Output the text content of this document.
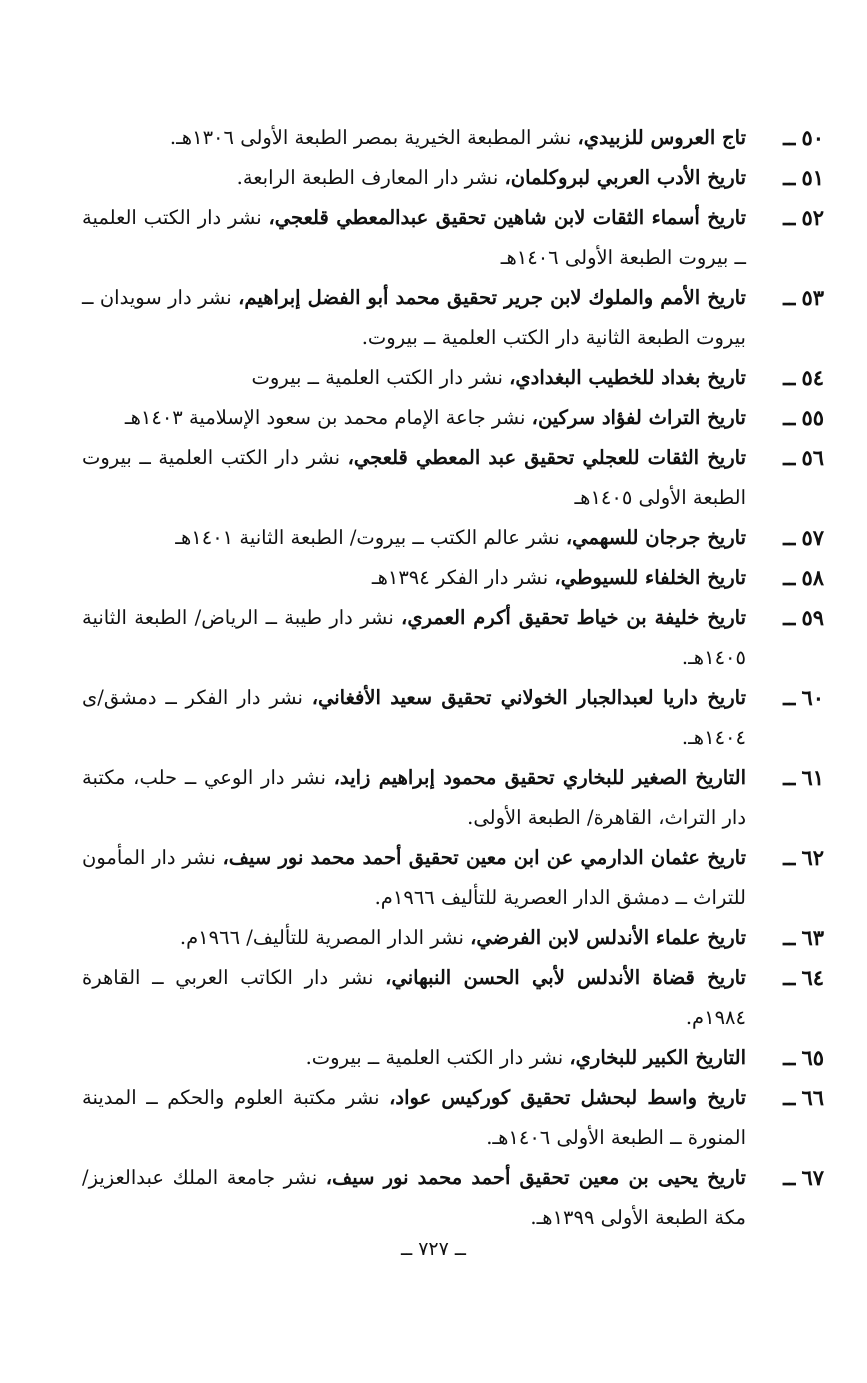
٥٠ــ
تاج العروس للزبيدي، نشر المطبعة الخيرية بمصر الطبعة الأولى ١٣٠٦هـ.
٥١ــ
تاريخ الأدب العربي لبروكلمان، نشر دار المعارف الطبعة الرابعة.
٥٢ــ
تاريخ أسماء الثقات لابن شاهين تحقيق عبدالمعطي قلعجي، نشر دار الكتب العلمية ــ بيروت الطبعة الأولى ١٤٠٦هـ
٥٣ــ
تاريخ الأمم والملوك لابن جرير تحقيق محمد أبو الفضل إبراهيم، نشر دار سويدان ــ بيروت الطبعة الثانية دار الكتب العلمية ــ بيروت.
٥٤ــ
تاريخ بغداد للخطيب البغدادي، نشر دار الكتب العلمية ــ بيروت
٥٥ــ
تاريخ التراث لفؤاد سركين، نشر جاعة الإمام محمد بن سعود الإسلامية ١٤٠٣هـ
٥٦ــ
تاريخ الثقات للعجلي تحقيق عبد المعطي قلعجي، نشر دار الكتب العلمية ــ بيروت الطبعة الأولى ١٤٠٥هـ
٥٧ــ
تاريخ جرجان للسهمي، نشر عالم الكتب ــ بيروت/ الطبعة الثانية ١٤٠١هـ
٥٨ــ
تاريخ الخلفاء للسيوطي، نشر دار الفكر ١٣٩٤هـ
٥٩ــ
تاريخ خليفة بن خياط تحقيق أكرم العمري، نشر دار طيبة ــ الرياض/ الطبعة الثانية ١٤٠٥هـ.
٦٠ــ
تاريخ داريا لعبدالجبار الخولاني تحقيق سعيد الأفغاني، نشر دار الفكر ــ دمشق/ى ١٤٠٤هـ.
٦١ــ
التاريخ الصغير للبخاري تحقيق محمود إبراهيم زايد، نشر دار الوعي ــ حلب، مكتبة دار التراث، القاهرة/ الطبعة الأولى.
٦٢ــ
تاريخ عثمان الدارمي عن ابن معين تحقيق أحمد محمد نور سيف، نشر دار المأمون للتراث ــ دمشق الدار العصرية للتأليف ١٩٦٦م.
٦٣ــ
تاريخ علماء الأندلس لابن الفرضي، نشر الدار المصرية للتأليف/ ١٩٦٦م.
٦٤ــ
تاريخ قضاة الأندلس لأبي الحسن النبهاني، نشر دار الكاتب العربي ــ القاهرة ١٩٨٤م.
٦٥ــ
التاريخ الكبير للبخاري، نشر دار الكتب العلمية ــ بيروت.
٦٦ــ
تاريخ واسط لبحشل تحقيق كوركيس عواد، نشر مكتبة العلوم والحكم ــ المدينة المنورة ــ الطبعة الأولى ١٤٠٦هـ.
٦٧ــ
تاريخ يحيى بن معين تحقيق أحمد محمد نور سيف، نشر جامعة الملك عبدالعزيز/ مكة الطبعة الأولى ١٣٩٩هـ.
ــ ٧٢٧ ــ
